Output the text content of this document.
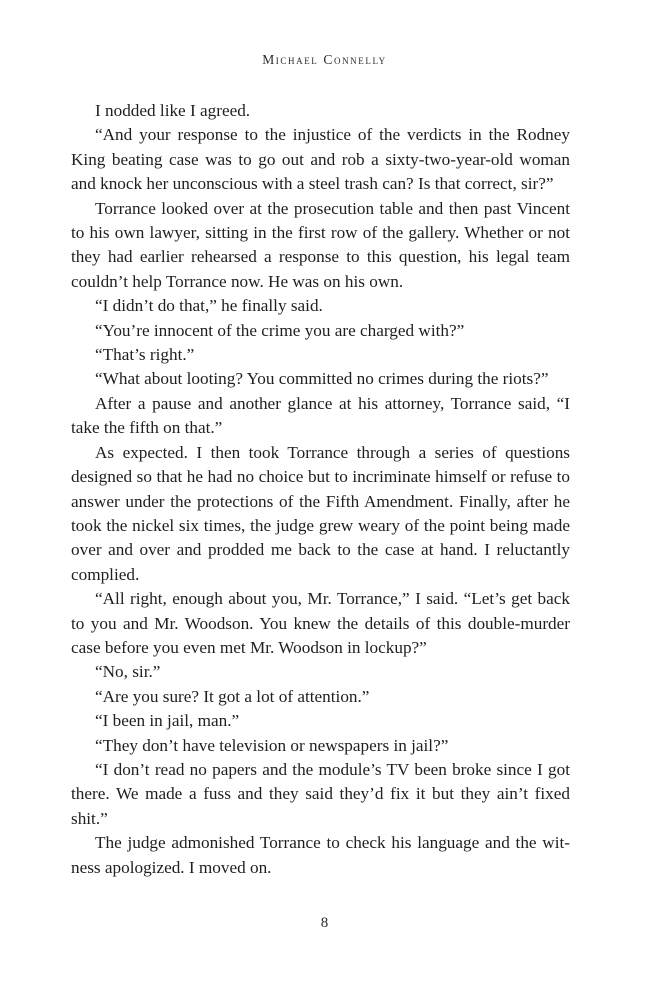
Michael Connelly

I nodded like I agreed.

“And your response to the injustice of the verdicts in the Rodney King beating case was to go out and rob a sixty-two-year-old woman and knock her unconscious with a steel trash can? Is that correct, sir?”

Torrance looked over at the prosecution table and then past Vincent to his own lawyer, sitting in the first row of the gallery. Whether or not they had earlier rehearsed a response to this question, his legal team couldn’t help Torrance now. He was on his own.

“I didn’t do that,” he finally said.

“You’re innocent of the crime you are charged with?”

“That’s right.”

“What about looting? You committed no crimes during the riots?”

After a pause and another glance at his attorney, Torrance said, “I take the fifth on that.”

As expected. I then took Torrance through a series of questions designed so that he had no choice but to incriminate himself or refuse to answer under the protections of the Fifth Amendment. Finally, after he took the nickel six times, the judge grew weary of the point being made over and over and prodded me back to the case at hand. I reluctantly complied.

“All right, enough about you, Mr. Torrance,” I said. “Let’s get back to you and Mr. Woodson. You knew the details of this double-murder case before you even met Mr. Woodson in lockup?”

“No, sir.”

“Are you sure? It got a lot of attention.”

“I been in jail, man.”

“They don’t have television or newspapers in jail?”

“I don’t read no papers and the module’s TV been broke since I got there. We made a fuss and they said they’d fix it but they ain’t fixed shit.”

The judge admonished Torrance to check his language and the witness apologized. I moved on.

8
